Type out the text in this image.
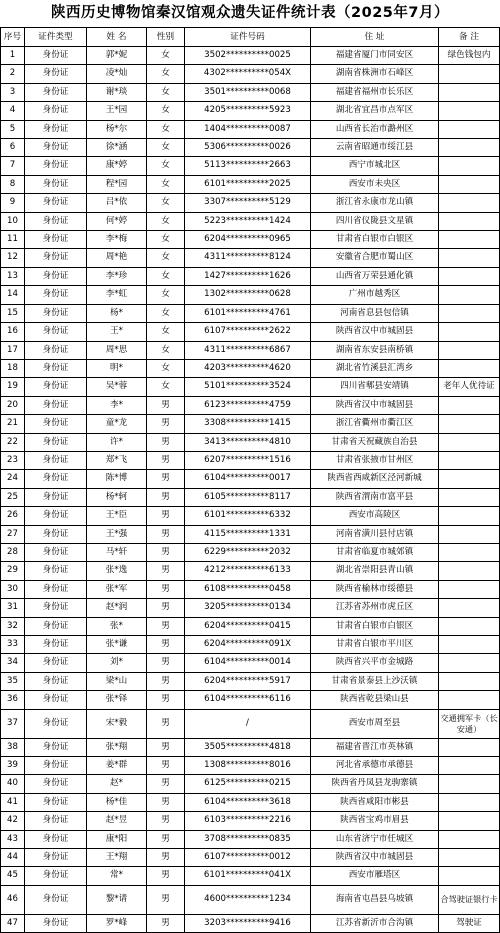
陕西历史博物馆秦汉馆观众遗失证件统计表（2025年7月）
序号	证件类型	姓 名	性别	证件号码	住 址	备 注
1	身份证	郭*妮	女	3502**********0025	福建省厦门市同安区	绿色钱包内
2	身份证	凌*灿	女	4302**********054X	湖南省株洲市石峰区	
3	身份证	谢*琰	女	3501**********0068	福建省福州市长乐区	
4	身份证	王*园	女	4205**********5923	湖北省宜昌市点军区	
5	身份证	杨*尔	女	1404**********0087	山西省长治市潞州区	
6	身份证	徐*涵	女	5306**********0026	云南省昭通市绥江县	
7	身份证	康*婷	女	5113**********2663	西宁市城北区	
8	身份证	程*园	女	6101**********2025	西安市未央区	
9	身份证	吕*依	女	3307**********5129	浙江省永康市龙山镇	
10	身份证	何*婷	女	5223**********1424	四川省仪陇县文星镇	
11	身份证	李*梅	女	6204**********0965	甘肃省白银市白银区	
12	身份证	周*艳	女	4311**********8124	安徽省合肥市蜀山区	
13	身份证	李*珍	女	1427**********1626	山西省万荣县通化镇	
14	身份证	李*虹	女	1302**********0628	广州市越秀区	
15	身份证	杨*	女	6101**********4761	河南省息县包信镇	
16	身份证	王*	女	6107**********2622	陕西省汉中市城固县	
17	身份证	周*思	女	4311**********6867	湖南省东安县南桥镇	
18	身份证	明*	女	4203**********4620	湖北省竹溪县汇湾乡	
19	身份证	吴*蓉	女	5101**********3524	四川省郫县安靖镇	老年人优待证
20	身份证	李*	男	6123**********4759	陕西省汉中市城固县	
21	身份证	童*龙	男	3308**********1415	浙江省衢州市衢江区	
22	身份证	许*	男	3413**********4810	甘肃省天祝藏族自治县	
23	身份证	郑*飞	男	6207**********1516	甘肃省张掖市甘州区	
24	身份证	陈*博	男	6104**********0017	陕西省西咸新区泾河新城	
25	身份证	杨*轲	男	6105**********8117	陕西省渭南市富平县	
26	身份证	王*臣	男	6101**********6332	西安市高陵区	
27	身份证	王*强	男	4115**********1331	河南省潢川县付店镇	
28	身份证	马*轩	男	6229**********2032	甘肃省临夏市城郊镇	
29	身份证	张*逸	男	4212**********6133	湖北省崇阳县青山镇	
30	身份证	张*军	男	6108**********0458	陕西省榆林市绥德县	
31	身份证	赵*润	男	3205**********0134	江苏省苏州市虎丘区	
32	身份证	张*	男	6204**********0415	甘肃省白银市白银区	
33	身份证	张*谦	男	6204**********091X	甘肃省白银市平川区	
34	身份证	刘*	男	6104**********0014	陕西省兴平市金城路	
35	身份证	梁*山	男	6204**********5917	甘肃省景泰县上沙沃镇	
36	身份证	张*铎	男	6104**********6116	陕西省乾县梁山县	
37	身份证	宋*毅	男	/	西安市周至县	交通拥军卡（长安通）

38	身份证	张*翔	男	3505**********4818	福建省晋江市英林镇	
39	身份证	姜*群	男	1308**********8016	河北省承德市承德县	
40	身份证	赵*	男	6125**********0215	陕西省丹凤县龙驹寨镇	
41	身份证	杨*佳	男	6104**********3618	陕西省咸阳市彬县	
42	身份证	赵*昱	男	6103**********2216	陕西省宝鸡市眉县	
43	身份证	康*阳	男	3708**********0835	山东省济宁市任城区	
44	身份证	王*翔	男	6107**********0012	陕西省汉中市城固县	
45	身份证	常*	男	6101**********041X	西安市雁塔区	
46	身份证	黎*请	男	4600**********1234	海南省屯昌县乌坡镇	合驾驶证银行卡

47	身份证	罗*峰	男	3203**********9416	江苏省新沂市合沟镇	驾驶证
